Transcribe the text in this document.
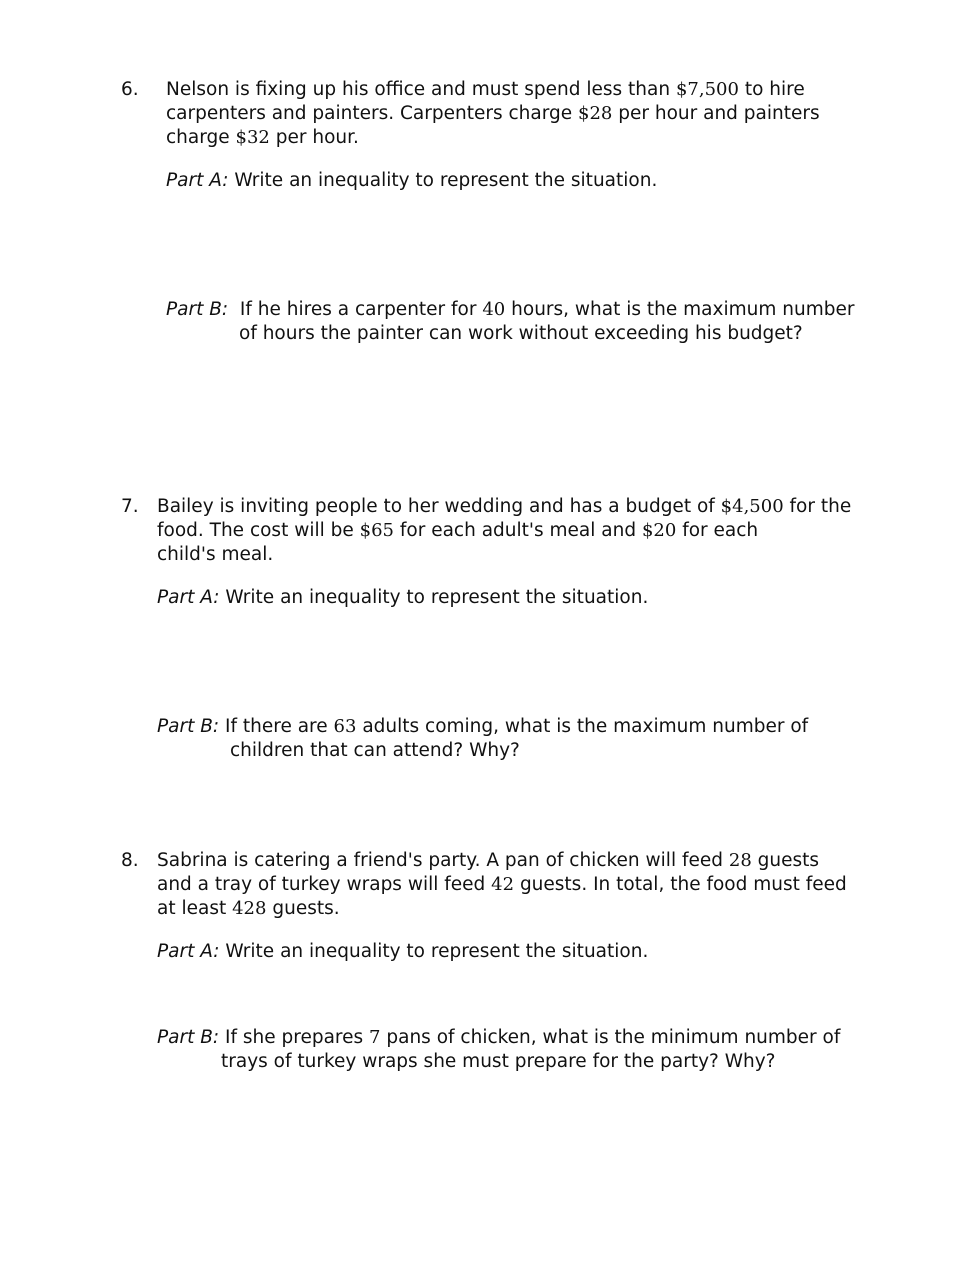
6. Nelson is fixing up his office and must spend less than $7,500 to hire
carpenters and painters. Carpenters charge $28 per hour and painters
charge $32 per hour.
Part A: Write an inequality to represent the situation.
Part B:  If he hires a carpenter for 40 hours, what is the maximum number
of hours the painter can work without exceeding his budget?
7. Bailey is inviting people to her wedding and has a budget of $4,500 for the
food. The cost will be $65 for each adult's meal and $20 for each
child's meal.
Part A: Write an inequality to represent the situation.
Part B: If there are 63 adults coming, what is the maximum number of
children that can attend? Why?
8. Sabrina is catering a friend's party. A pan of chicken will feed 28 guests
and a tray of turkey wraps will feed 42 guests. In total, the food must feed
at least 428 guests.
Part A: Write an inequality to represent the situation.
Part B: If she prepares 7 pans of chicken, what is the minimum number of
trays of turkey wraps she must prepare for the party? Why?
